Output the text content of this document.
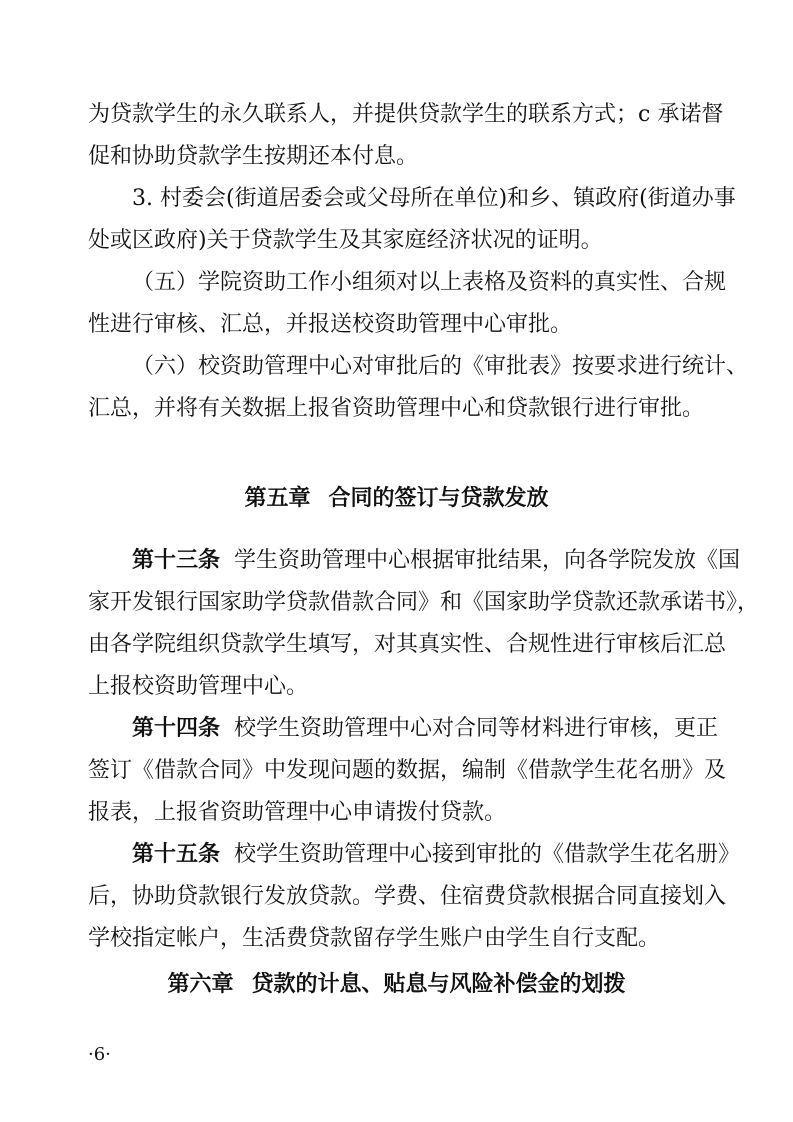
为贷款学生的永久联系人，并提供贷款学生的联系方式；c 承诺督
促和协助贷款学生按期还本付息。
3. 村委会(街道居委会或父母所在单位)和乡、镇政府(街道办事
处或区政府)关于贷款学生及其家庭经济状况的证明。
（五）学院资助工作小组须对以上表格及资料的真实性、合规
性进行审核、汇总，并报送校资助管理中心审批。
（六）校资助管理中心对审批后的《审批表》按要求进行统计、
汇总，并将有关数据上报省资助管理中心和贷款银行进行审批。
第五章 合同的签订与贷款发放
第十三条 学生资助管理中心根据审批结果，向各学院发放《国
家开发银行国家助学贷款借款合同》和《国家助学贷款还款承诺书》，
由各学院组织贷款学生填写，对其真实性、合规性进行审核后汇总
上报校资助管理中心。
第十四条 校学生资助管理中心对合同等材料进行审核，更正
签订《借款合同》中发现问题的数据，编制《借款学生花名册》及
报表，上报省资助管理中心申请拨付贷款。
第十五条 校学生资助管理中心接到审批的《借款学生花名册》
后，协助贷款银行发放贷款。学费、住宿费贷款根据合同直接划入
学校指定帐户，生活费贷款留存学生账户由学生自行支配。
第六章 贷款的计息、贴息与风险补偿金的划拨
·6·
